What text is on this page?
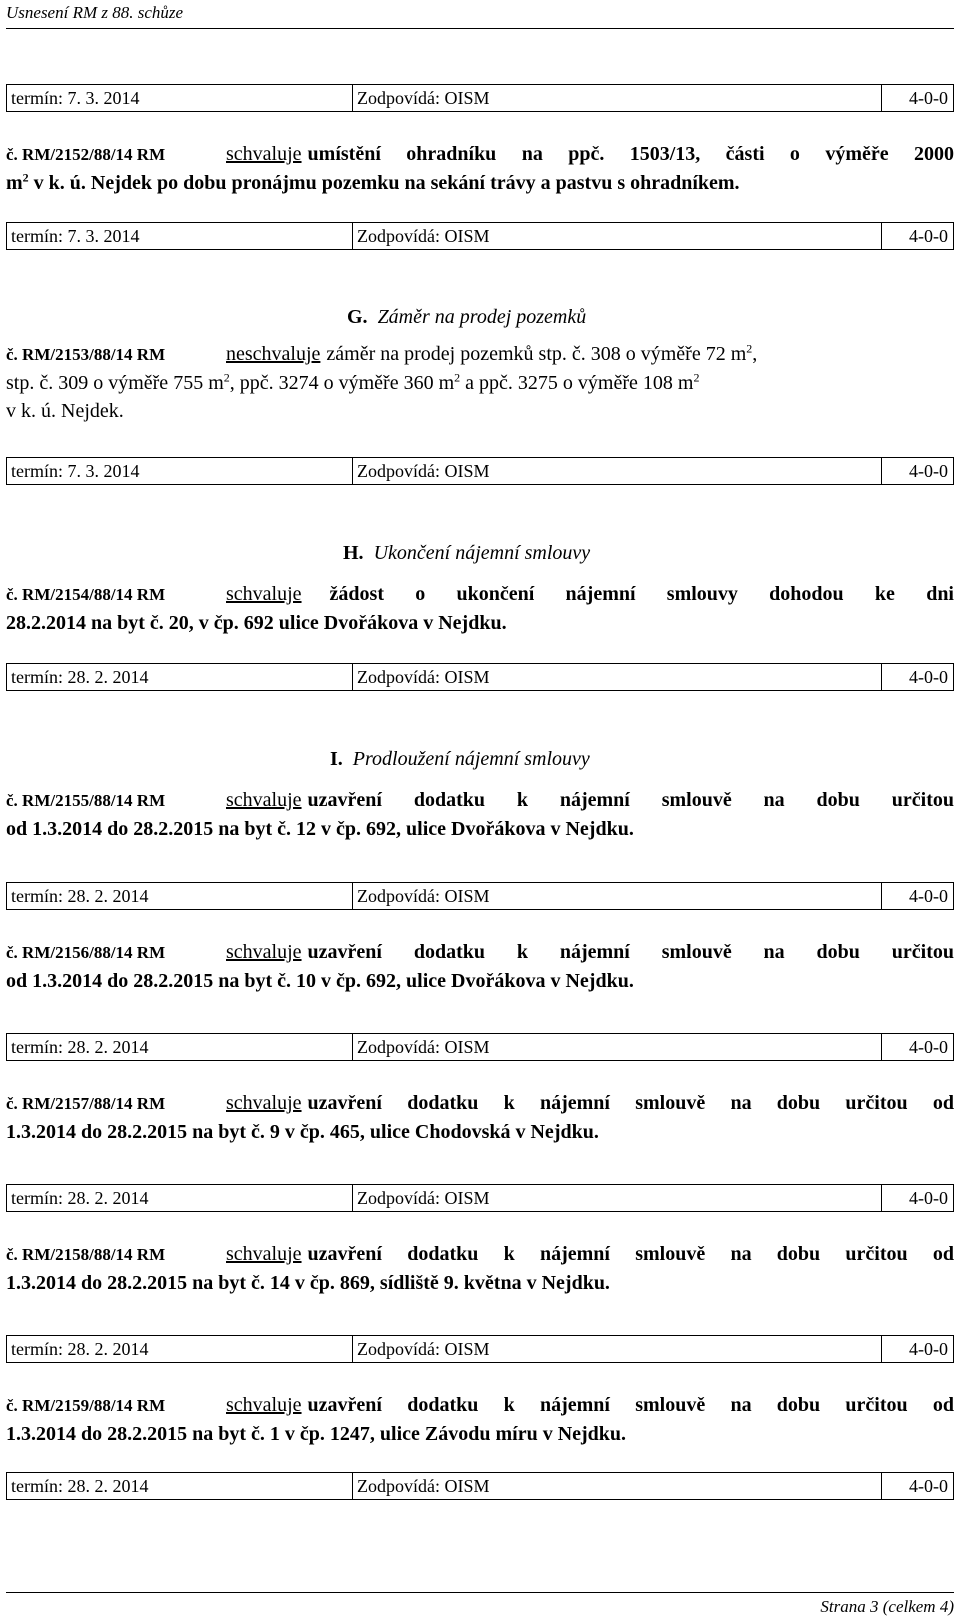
Usnesení RM z 88. schůze
termín: 7. 3. 2014	Zodpovídá: OISM	4-0-0
č. RM/2152/88/14 RM	schvaluje umístění ohradníku na ppč. 1503/13, části o výměře 2000
$m^2$ v k. ú. Nejdek po dobu pronájmu pozemku na sekání trávy a pastvu s ohradníkem.
termín: 7. 3. 2014	Zodpovídá: OISM	4-0-0
G. Záměr na prodej pozemků
č. RM/2153/88/14 RM	neschvaluje záměr na prodej pozemků stp. č. 308 o výměře 72 $m^2$,
stp. č. 309 o výměře 755 $m^2$, ppč. 3274 o výměře 360 $m^2$ a ppč. 3275 o výměře 108 $m^2$
v k. ú. Nejdek.
termín: 7. 3. 2014	Zodpovídá: OISM	4-0-0
H. Ukončení nájemní smlouvy
č. RM/2154/88/14 RM	schvaluje žádost o ukončení nájemní smlouvy dohodou ke dni
28.2.2014 na byt č. 20, v čp. 692 ulice Dvořákova v Nejdku.
termín: 28. 2. 2014	Zodpovídá: OISM	4-0-0
I. Prodloužení nájemní smlouvy
č. RM/2155/88/14 RM	schvaluje uzavření dodatku k nájemní smlouvě na dobu určitou
od 1.3.2014 do 28.2.2015 na byt č. 12 v čp. 692, ulice Dvořákova v Nejdku.
termín: 28. 2. 2014	Zodpovídá: OISM	4-0-0
č. RM/2156/88/14 RM	schvaluje uzavření dodatku k nájemní smlouvě na dobu určitou
od 1.3.2014 do 28.2.2015 na byt č. 10 v čp. 692, ulice Dvořákova v Nejdku.
termín: 28. 2. 2014	Zodpovídá: OISM	4-0-0
č. RM/2157/88/14 RM	schvaluje uzavření dodatku k nájemní smlouvě na dobu určitou od
1.3.2014 do 28.2.2015 na byt č. 9 v čp. 465, ulice Chodovská v Nejdku.
termín: 28. 2. 2014	Zodpovídá: OISM	4-0-0
č. RM/2158/88/14 RM	schvaluje uzavření dodatku k nájemní smlouvě na dobu určitou od
1.3.2014 do 28.2.2015 na byt č. 14 v čp. 869, sídliště 9. května v Nejdku.
termín: 28. 2. 2014	Zodpovídá: OISM	4-0-0
č. RM/2159/88/14 RM	schvaluje uzavření dodatku k nájemní smlouvě na dobu určitou od
1.3.2014 do 28.2.2015 na byt č. 1 v čp. 1247, ulice Závodu míru v Nejdku.
termín: 28. 2. 2014	Zodpovídá: OISM	4-0-0
Strana 3 (celkem 4)
